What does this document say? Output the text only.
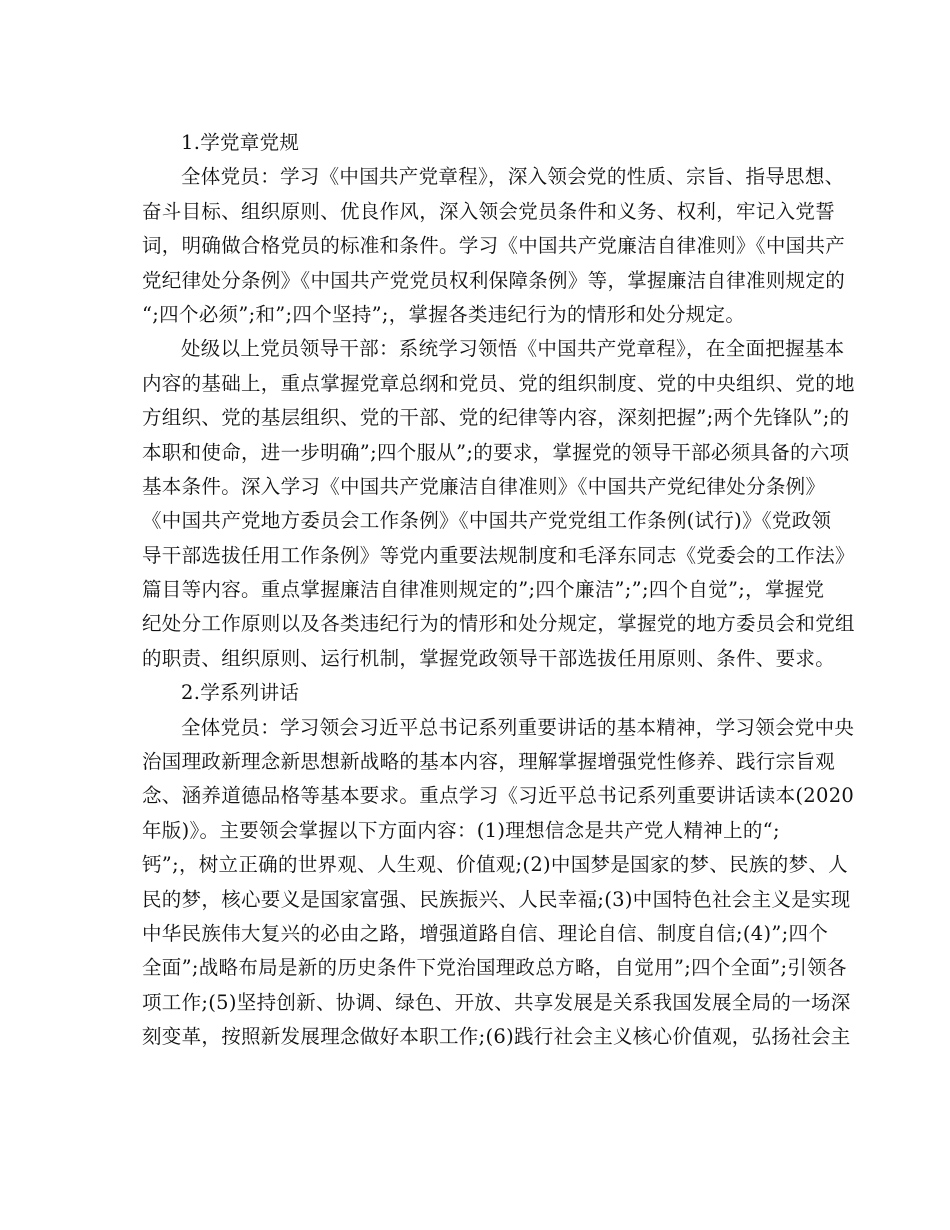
1.学党章党规
全体党员：学习《中国共产党章程》，深入领会党的性质、宗旨、指导思想、
奋斗目标、组织原则、优良作风，深入领会党员条件和义务、权利，牢记入党誓
词，明确做合格党员的标准和条件。学习《中国共产党廉洁自律准则》《中国共产
党纪律处分条例》《中国共产党党员权利保障条例》等，掌握廉洁自律准则规定的
“;四个必须”;和”;四个坚持”;，掌握各类违纪行为的情形和处分规定。
处级以上党员领导干部：系统学习领悟《中国共产党章程》，在全面把握基本
内容的基础上，重点掌握党章总纲和党员、党的组织制度、党的中央组织、党的地
方组织、党的基层组织、党的干部、党的纪律等内容，深刻把握”;两个先锋队”;的
本职和使命，进一步明确”;四个服从”;的要求，掌握党的领导干部必须具备的六项
基本条件。深入学习《中国共产党廉洁自律准则》《中国共产党纪律处分条例》
《中国共产党地方委员会工作条例》《中国共产党党组工作条例(试行)》《党政领
导干部选拔任用工作条例》等党内重要法规制度和毛泽东同志《党委会的工作法》
篇目等内容。重点掌握廉洁自律准则规定的”;四个廉洁”;”;四个自觉”;，掌握党
纪处分工作原则以及各类违纪行为的情形和处分规定，掌握党的地方委员会和党组
的职责、组织原则、运行机制，掌握党政领导干部选拔任用原则、条件、要求。
2.学系列讲话
全体党员：学习领会习近平总书记系列重要讲话的基本精神，学习领会党中央
治国理政新理念新思想新战略的基本内容，理解掌握增强党性修养、践行宗旨观
念、涵养道德品格等基本要求。重点学习《习近平总书记系列重要讲话读本(2020
年版)》。主要领会掌握以下方面内容：(1)理想信念是共产党人精神上的“;
钙”;，树立正确的世界观、人生观、价值观;(2)中国梦是国家的梦、民族的梦、人
民的梦，核心要义是国家富强、民族振兴、人民幸福;(3)中国特色社会主义是实现
中华民族伟大复兴的必由之路，增强道路自信、理论自信、制度自信;(4)”;四个
全面”;战略布局是新的历史条件下党治国理政总方略，自觉用”;四个全面”;引领各
项工作;(5)坚持创新、协调、绿色、开放、共享发展是关系我国发展全局的一场深
刻变革，按照新发展理念做好本职工作;(6)践行社会主义核心价值观，弘扬社会主
